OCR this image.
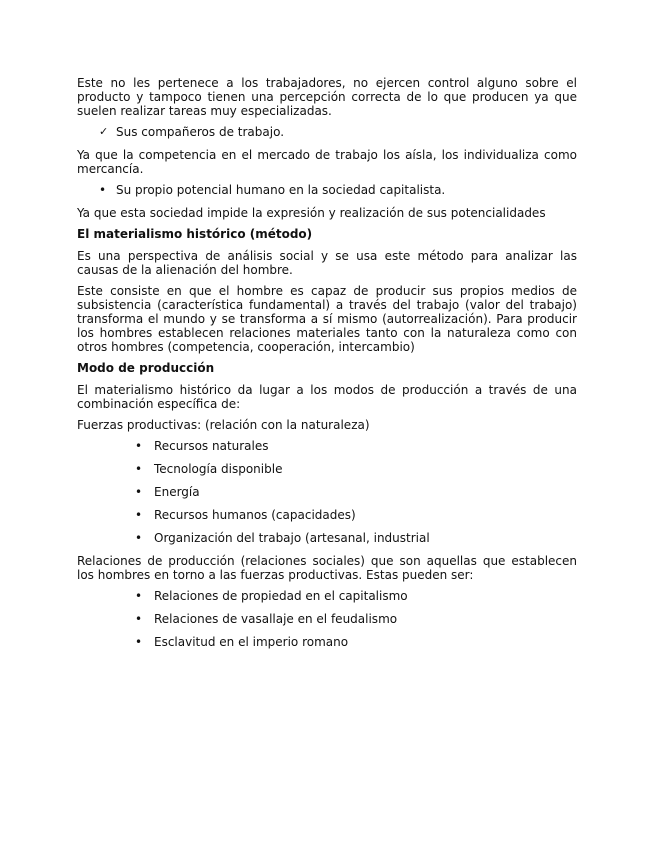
Este no les pertenece a los trabajadores, no ejercen control alguno sobre el producto y tampoco tienen una percepción correcta de lo que producen ya que suelen realizar tareas muy especializadas.

✓ Sus compañeros de trabajo.

Ya que la competencia en el mercado de trabajo los aísla, los individualiza como mercancía.

• Su propio potencial humano en la sociedad capitalista.

Ya que esta sociedad impide la expresión y realización de sus potencialidades

El materialismo histórico (método)

Es una perspectiva de análisis social y se usa este método para analizar las causas de la alienación del hombre.

Este consiste en que el hombre es capaz de producir sus propios medios de subsistencia (característica fundamental) a través del trabajo (valor del trabajo) transforma el mundo y se transforma a sí mismo (autorrealización). Para producir los hombres establecen relaciones materiales tanto con la naturaleza como con otros hombres (competencia, cooperación, intercambio)

Modo de producción

El materialismo histórico da lugar a los modos de producción a través de una combinación específica de:

Fuerzas productivas: (relación con la naturaleza)

• Recursos naturales
• Tecnología disponible
• Energía
• Recursos humanos (capacidades)
• Organización del trabajo (artesanal, industrial

Relaciones de producción (relaciones sociales) que son aquellas que establecen los hombres en torno a las fuerzas productivas. Estas pueden ser:

• Relaciones de propiedad en el capitalismo
• Relaciones de vasallaje en el feudalismo
• Esclavitud en el imperio romano
